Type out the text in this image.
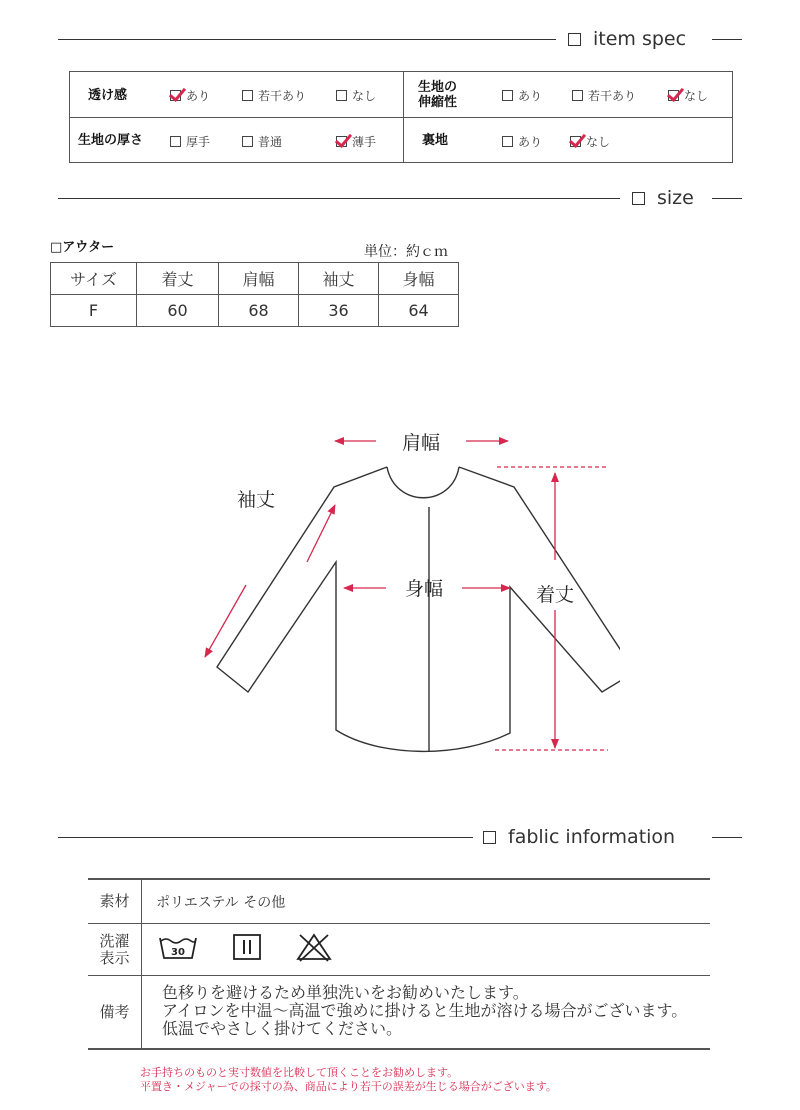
item spec
透け感	あり	若干あり	なし
生地の
伸縮性	あり	若干あり	なし
生地の厚さ	厚手	普通	薄手	裏地	あり	なし
size
□アウター	単位：約ｃｍ
サイズ	着丈	肩幅	袖丈	身幅
F	60	68	36	64
肩幅
袖丈
身幅	着丈
fablic information
素材	ポリエステル その他
洗濯
表示	30
備考
色移りを避けるため単独洗いをお勧めいたします。
アイロンを中温～高温で強めに掛けると生地が溶ける場合がございます。
低温でやさしく掛けてください。
お手持ちのものと実寸数値を比較して頂くことをお勧めします。
平置き・メジャーでの採寸の為、商品により若干の誤差が生じる場合がございます。
